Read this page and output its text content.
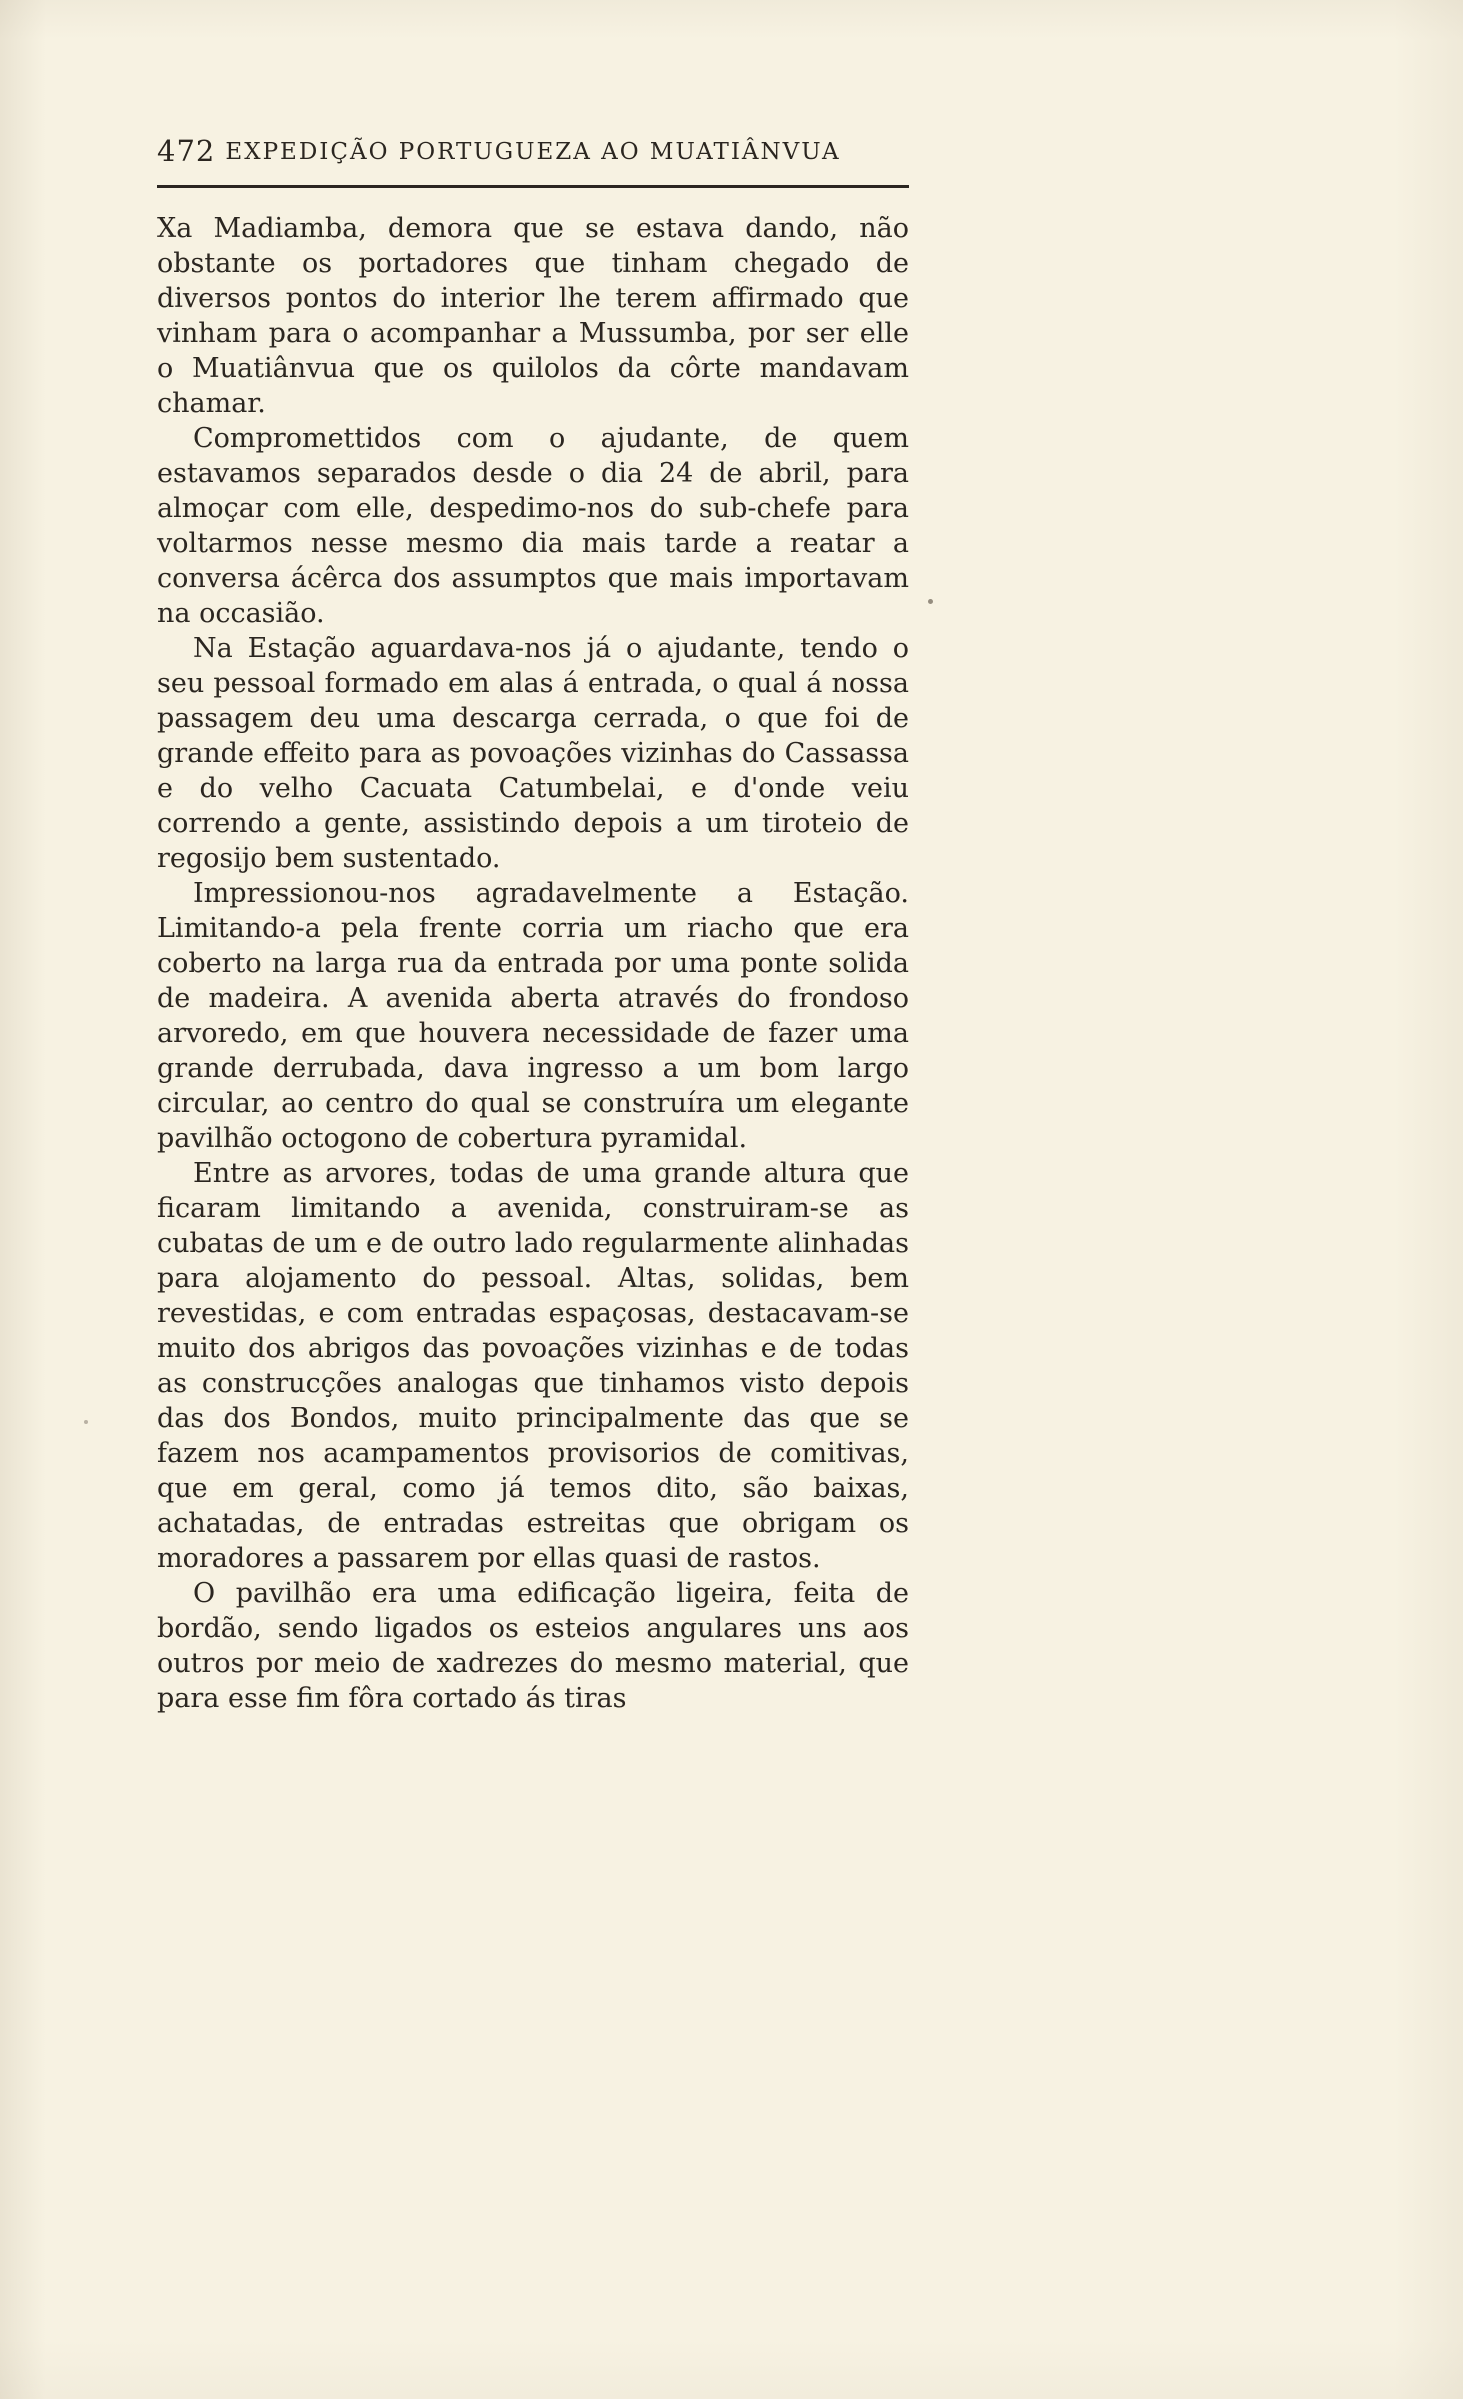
472 EXPEDIÇÃO PORTUGUEZA AO MUATIÂNVUA

Xa Madiamba, demora que se estava dando, não obstante os portadores que tinham chegado de diversos pontos do interior lhe terem affirmado que vinham para o acompanhar a Mussumba, por ser elle o Muatiânvua que os quilolos da côrte mandavam chamar.

Compromettidos com o ajudante, de quem estavamos separados desde o dia 24 de abril, para almoçar com elle, despedimo-nos do sub-chefe para voltarmos nesse mesmo dia mais tarde a reatar a conversa ácêrca dos assumptos que mais importavam na occasião.

Na Estação aguardava-nos já o ajudante, tendo o seu pessoal formado em alas á entrada, o qual á nossa passagem deu uma descarga cerrada, o que foi de grande effeito para as povoações vizinhas do Cassassa e do velho Cacuata Catumbelai, e d'onde veiu correndo a gente, assistindo depois a um tiroteio de regosijo bem sustentado.

Impressionou-nos agradavelmente a Estação. Limitando-a pela frente corria um riacho que era coberto na larga rua da entrada por uma ponte solida de madeira. A avenida aberta através do frondoso arvoredo, em que houvera necessidade de fazer uma grande derrubada, dava ingresso a um bom largo circular, ao centro do qual se construíra um elegante pavilhão octogono de cobertura pyramidal.

Entre as arvores, todas de uma grande altura que ficaram limitando a avenida, construiram-se as cubatas de um e de outro lado regularmente alinhadas para alojamento do pessoal. Altas, solidas, bem revestidas, e com entradas espaçosas, destacavam-se muito dos abrigos das povoações vizinhas e de todas as construcções analogas que tinhamos visto depois das dos Bondos, muito principalmente das que se fazem nos acampamentos provisorios de comitivas, que em geral, como já temos dito, são baixas, achatadas, de entradas estreitas que obrigam os moradores a passarem por ellas quasi de rastos.

O pavilhão era uma edificação ligeira, feita de bordão, sendo ligados os esteios angulares uns aos outros por meio de xadrezes do mesmo material, que para esse fim fôra cortado ás tiras
